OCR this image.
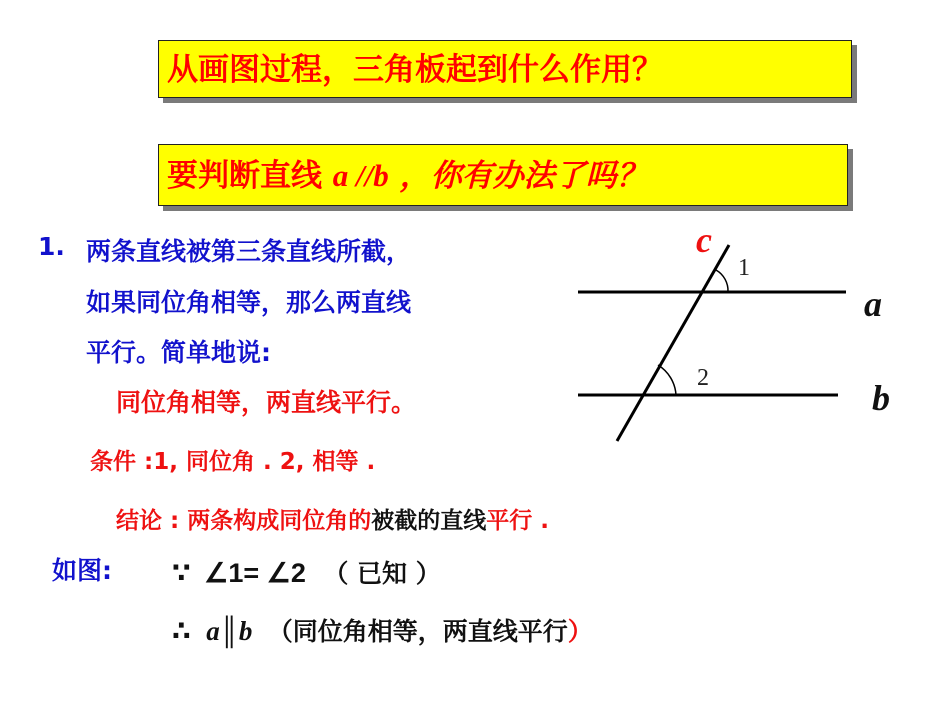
从画图过程，三角板起到什么作用？
要判断直线 a //b ，你有办法了吗？
1. 两条直线被第三条直线所截，
如果同位角相等，那么两直线
平行。简单地说:
同位角相等，两直线平行。
条件 :1, 同位角 . 2, 相等 .
结论 : 两条构成同位角的被截的直线平行 .
如图: ∵ ∠1= ∠2 （ 已知 ）
∴ a║b （同位角相等，两直线平行）
c
1
2
a
b
